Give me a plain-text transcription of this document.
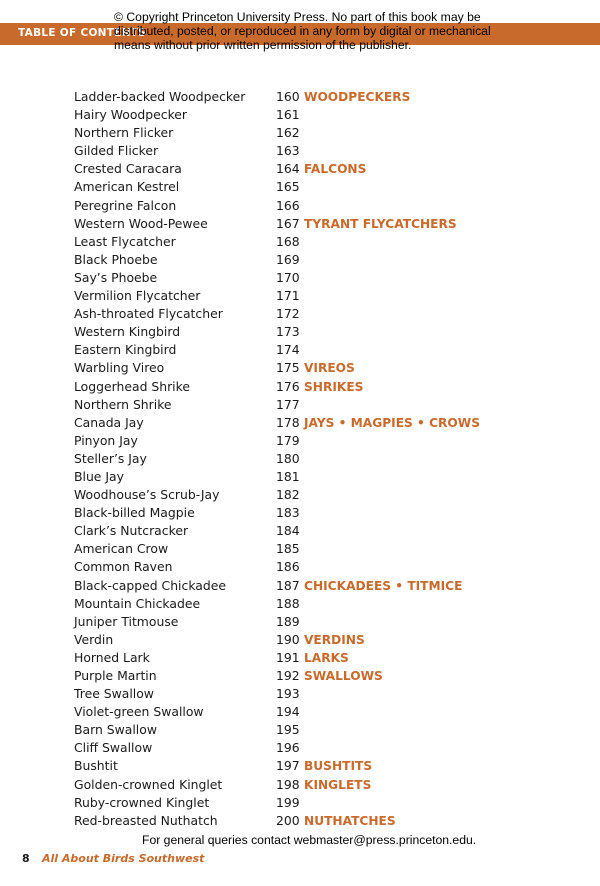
TABLE OF CONTENTS
© Copyright Princeton University Press. No part of this book may be distributed, posted, or reproduced in any form by digital or mechanical means without prior written permission of the publisher.
Ladder-backed Woodpecker 160 WOODPECKERS
Hairy Woodpecker	161
Northern Flicker	162
Gilded Flicker	163
Crested Caracara	164 FALCONS
American Kestrel	165
Peregrine Falcon	166
Western Wood-Pewee	167 TYRANT FLYCATCHERS
Least Flycatcher	168
Black Phoebe	169
Say’s Phoebe	170
Vermilion Flycatcher	171
Ash-throated Flycatcher	172
Western Kingbird	173
Eastern Kingbird	174
Warbling Vireo	175 VIREOS
Loggerhead Shrike	176 SHRIKES
Northern Shrike	177
Canada Jay	178 JAYS • MAGPIES • CROWS
Pinyon Jay	179
Steller’s Jay	180
Blue Jay	181
Woodhouse’s Scrub-Jay	182
Black-billed Magpie	183
Clark’s Nutcracker	184
American Crow	185
Common Raven	186
Black-capped Chickadee	187 CHICKADEES • TITMICE
Mountain Chickadee	188
Juniper Titmouse	189
Verdin	190 VERDINS
Horned Lark	191 LARKS
Purple Martin	192 SWALLOWS
Tree Swallow	193
Violet-green Swallow	194
Barn Swallow	195
Cliff Swallow	196
Bushtit	197 BUSHTITS
Golden-crowned Kinglet	198 KINGLETS
Ruby-crowned Kinglet	199
Red-breasted Nuthatch	200 NUTHATCHES
For general queries contact webmaster@press.princeton.edu.
8 All About Birds Southwest
